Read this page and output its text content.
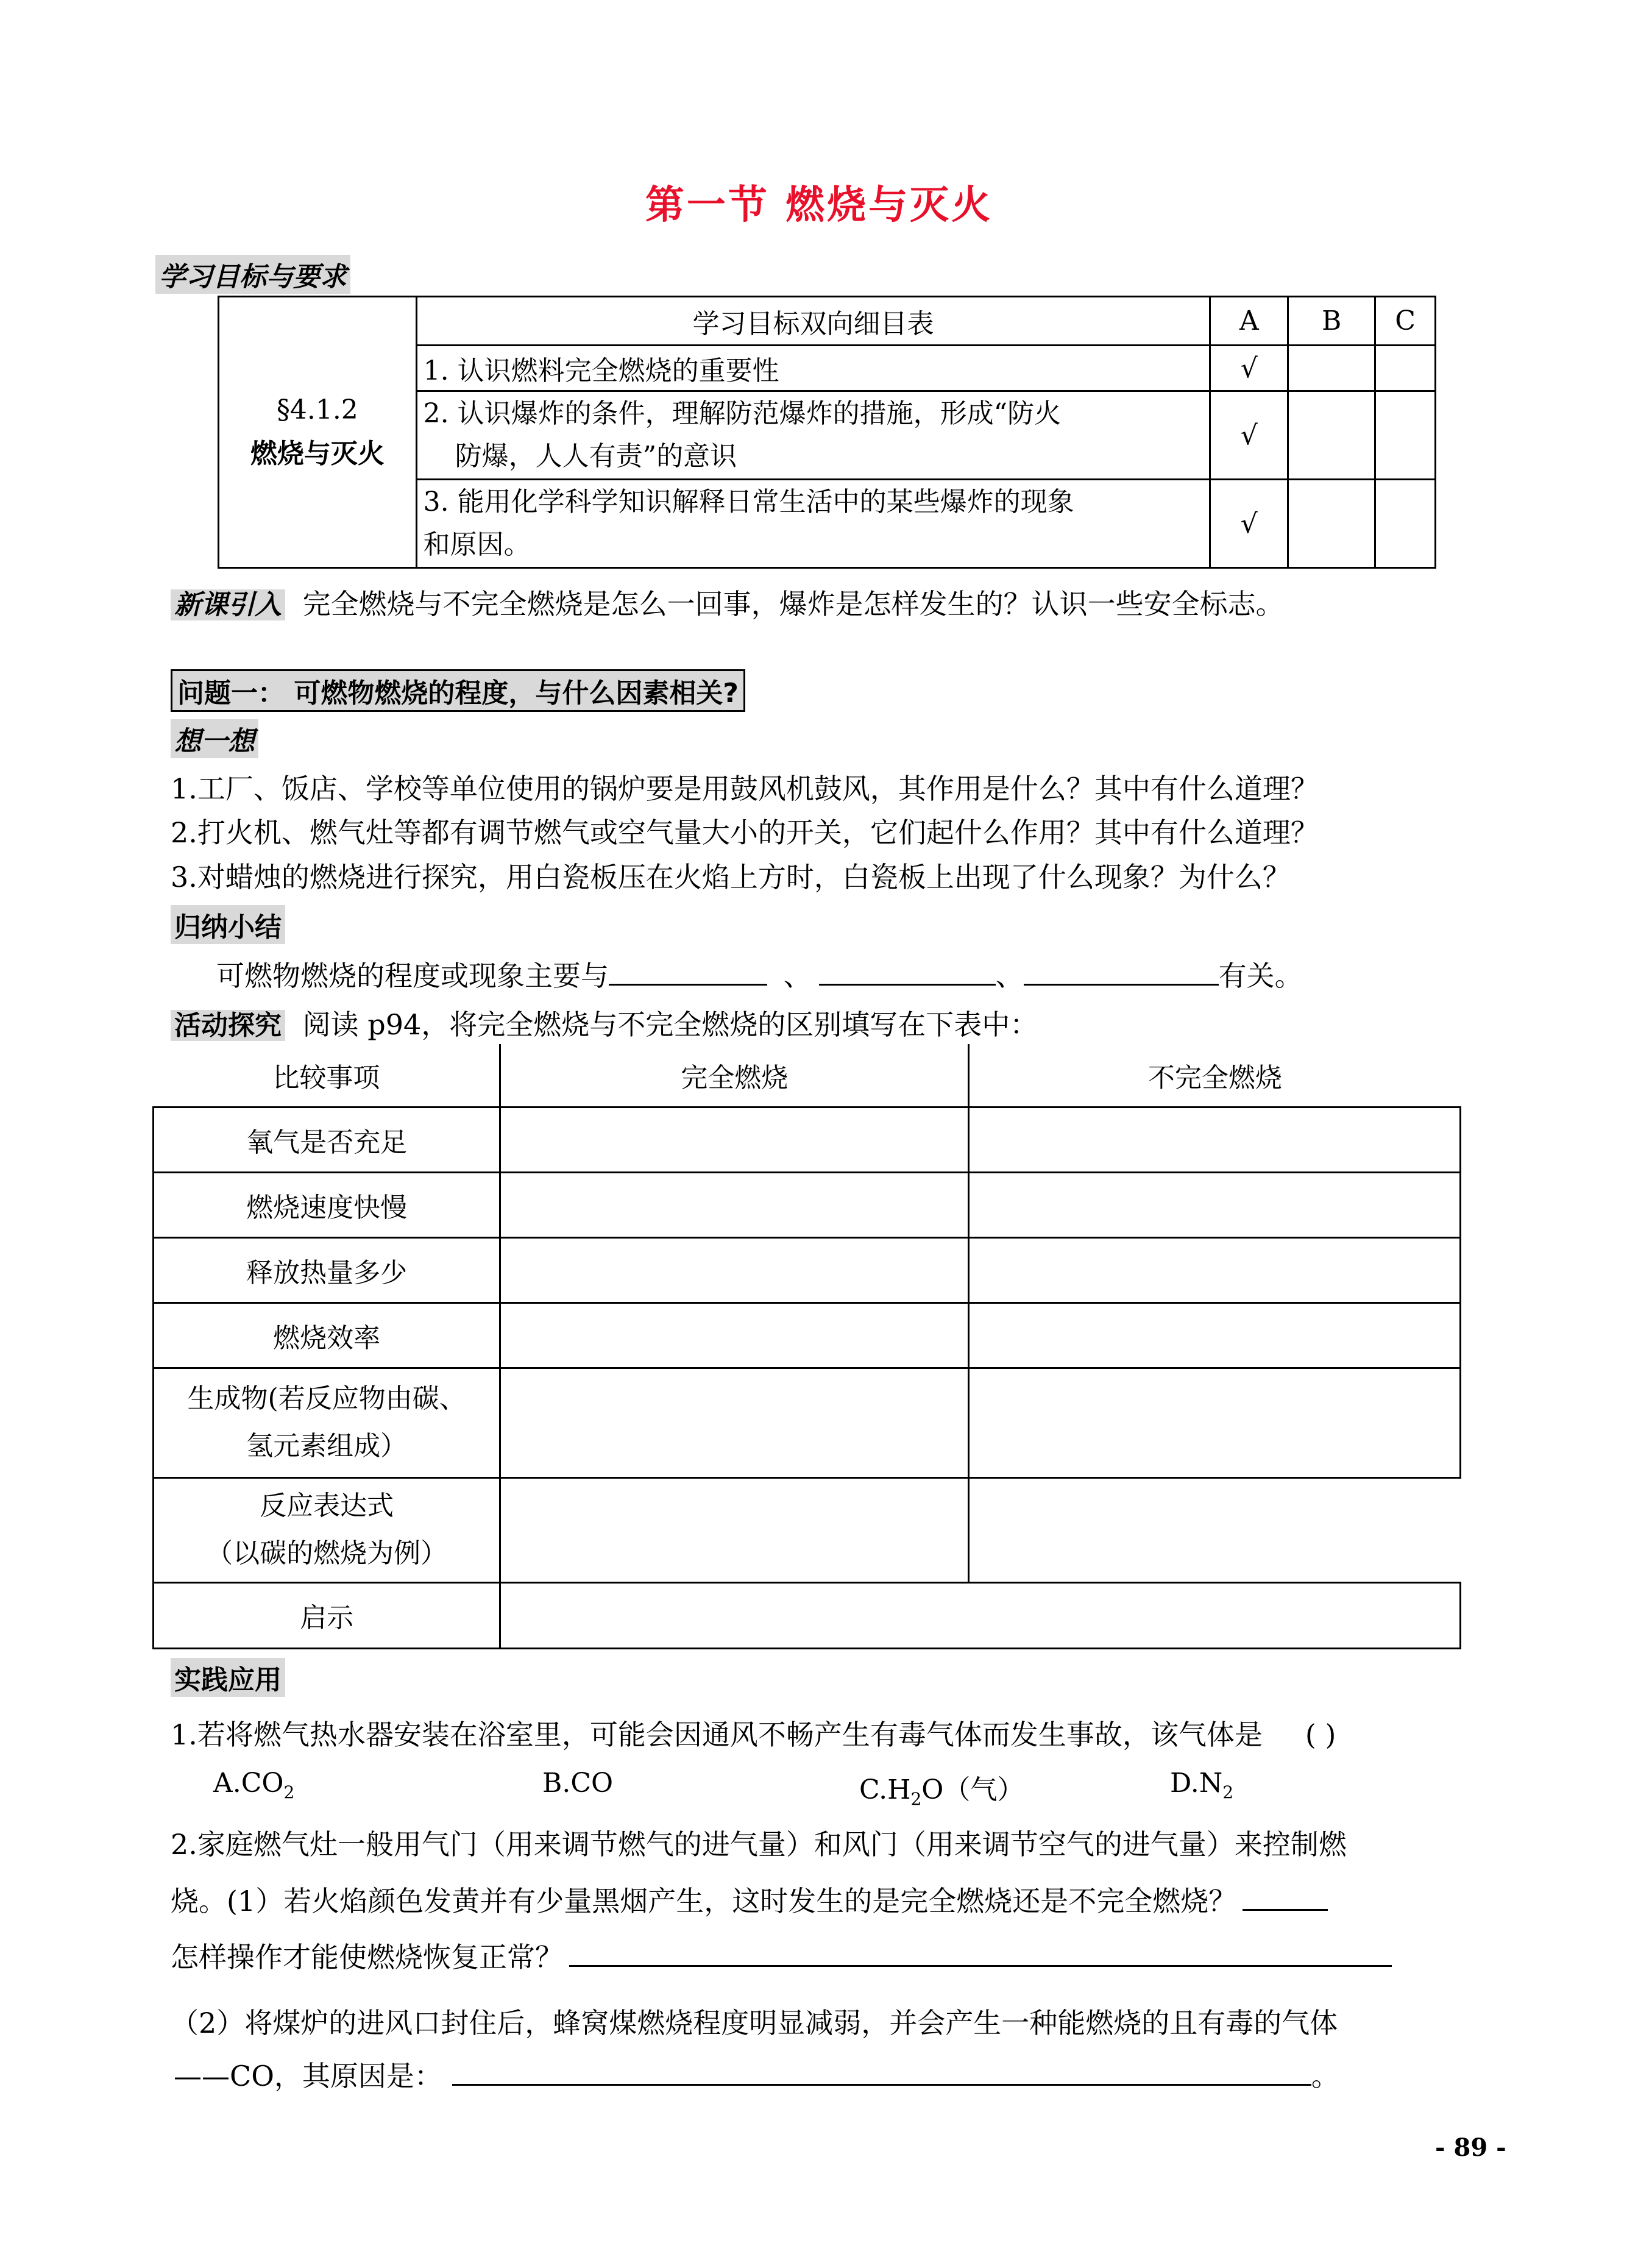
第一节 燃烧与灭火
学习目标与要求
§4.1.2
燃烧与灭火	学习目标双向细目表	A	B	C
	1. 认识燃料完全燃烧的重要性	√		

	2. 认识爆炸的条件，理解防范爆炸的措施，形成“防火
防爆，人人有责”的意识	√		

	3. 能用化学科学知识解释日常生活中的某些爆炸的现象
和原因。	√		
新课引入 完全燃烧与不完全燃烧是怎么一回事，爆炸是怎样发生的？认识一些安全标志。
问题一： 可燃物燃烧的程度，与什么因素相关?
想一想
1.工厂、饭店、学校等单位使用的锅炉要是用鼓风机鼓风，其作用是什么？其中有什么道理？
2.打火机、燃气灶等都有调节燃气或空气量大小的开关，它们起什么作用？其中有什么道理？
3.对蜡烛的燃烧进行探究，用白瓷板压在火焰上方时，白瓷板上出现了什么现象？为什么？
归纳小结
可燃物燃烧的程度或现象主要与	、	、	有关。
活动探究 阅读 p94，将完全燃烧与不完全燃烧的区别填写在下表中：
比较事项	完全燃烧	不完全燃烧
氧气是否充足		
燃烧速度快慢		
释放热量多少		
燃烧效率		

生成物(若反应物由碳、
氢元素组成）		

反应表达式
（以碳的燃烧为例）		

启示		
实践应用
1.若将燃气热水器安装在浴室里，可能会因通风不畅产生有毒气体而发生事故，该气体是 ( )
$A.CO_2$	B.CO	$C.H_2O$（气）	$D.N_2$
2.家庭燃气灶一般用气门（用来调节燃气的进气量）和风门（用来调节空气的进气量）来控制燃
烧。(1）若火焰颜色发黄并有少量黑烟产生，这时发生的是完全燃烧还是不完全燃烧？
怎样操作才能使燃烧恢复正常？
（2）将煤炉的进风口封住后，蜂窝煤燃烧程度明显减弱，并会产生一种能燃烧的且有毒的气体
——CO，其原因是：	。
- 89 -
